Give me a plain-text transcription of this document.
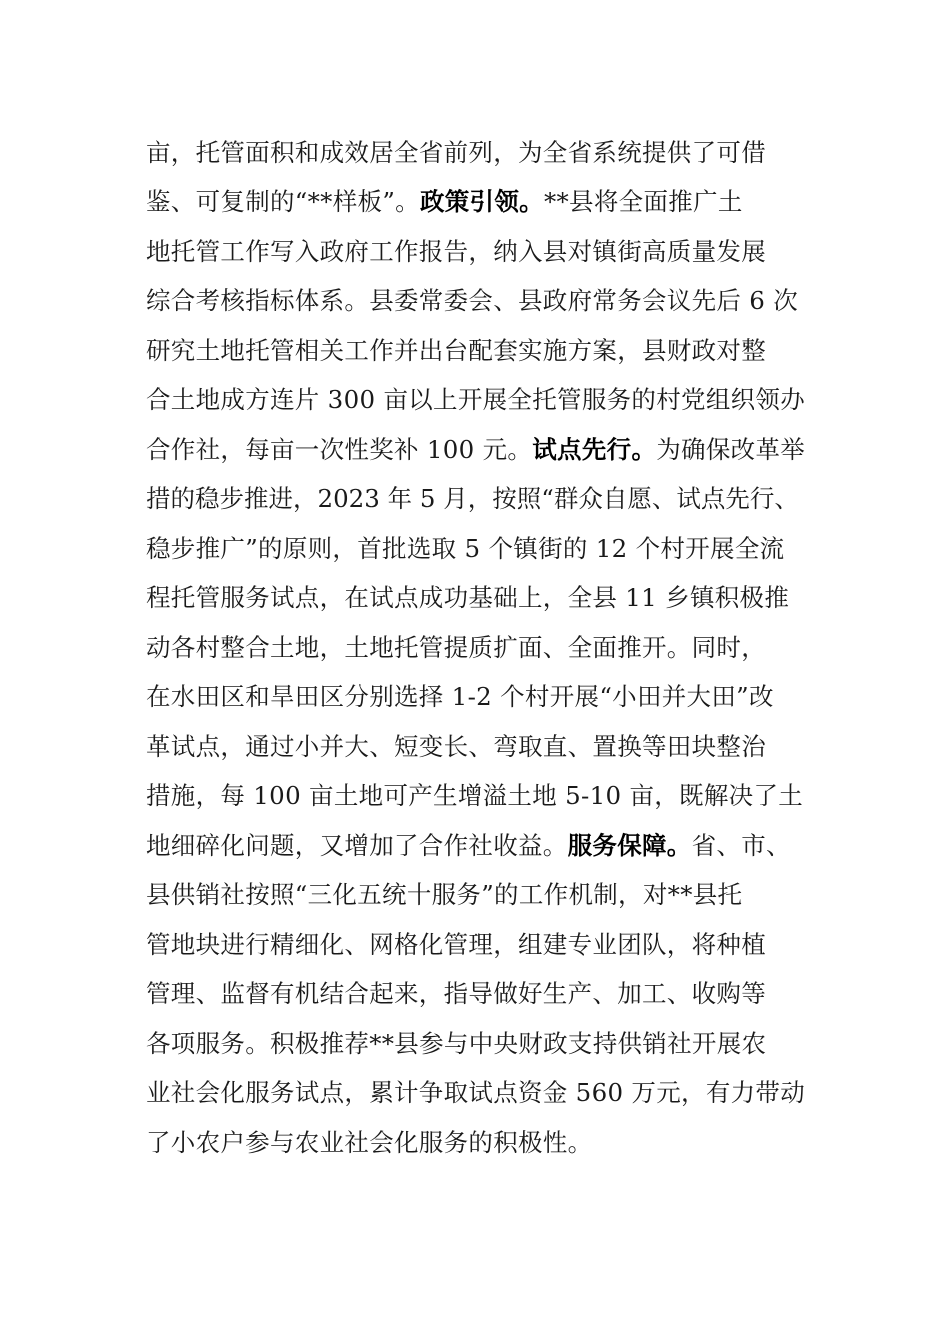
亩，托管面积和成效居全省前列，为全省系统提供了可借
鉴、可复制的“**样板”。政策引领。**县将全面推广土
地托管工作写入政府工作报告，纳入县对镇街高质量发展
综合考核指标体系。县委常委会、县政府常务会议先后 6 次
研究土地托管相关工作并出台配套实施方案，县财政对整
合土地成方连片 300 亩以上开展全托管服务的村党组织领办
合作社，每亩一次性奖补 100 元。试点先行。为确保改革举
措的稳步推进，2023 年 5 月，按照“群众自愿、试点先行、
稳步推广”的原则，首批选取 5 个镇街的 12 个村开展全流
程托管服务试点，在试点成功基础上，全县 11 乡镇积极推
动各村整合土地，土地托管提质扩面、全面推开。同时，
在水田区和旱田区分别选择 1-2 个村开展“小田并大田”改
革试点，通过小并大、短变长、弯取直、置换等田块整治
措施，每 100 亩土地可产生增溢土地 5-10 亩，既解决了土
地细碎化问题，又增加了合作社收益。服务保障。省、市、
县供销社按照“三化五统十服务”的工作机制，对**县托
管地块进行精细化、网格化管理，组建专业团队，将种植
管理、监督有机结合起来，指导做好生产、加工、收购等
各项服务。积极推荐**县参与中央财政支持供销社开展农
业社会化服务试点，累计争取试点资金 560 万元，有力带动
了小农户参与农业社会化服务的积极性。
